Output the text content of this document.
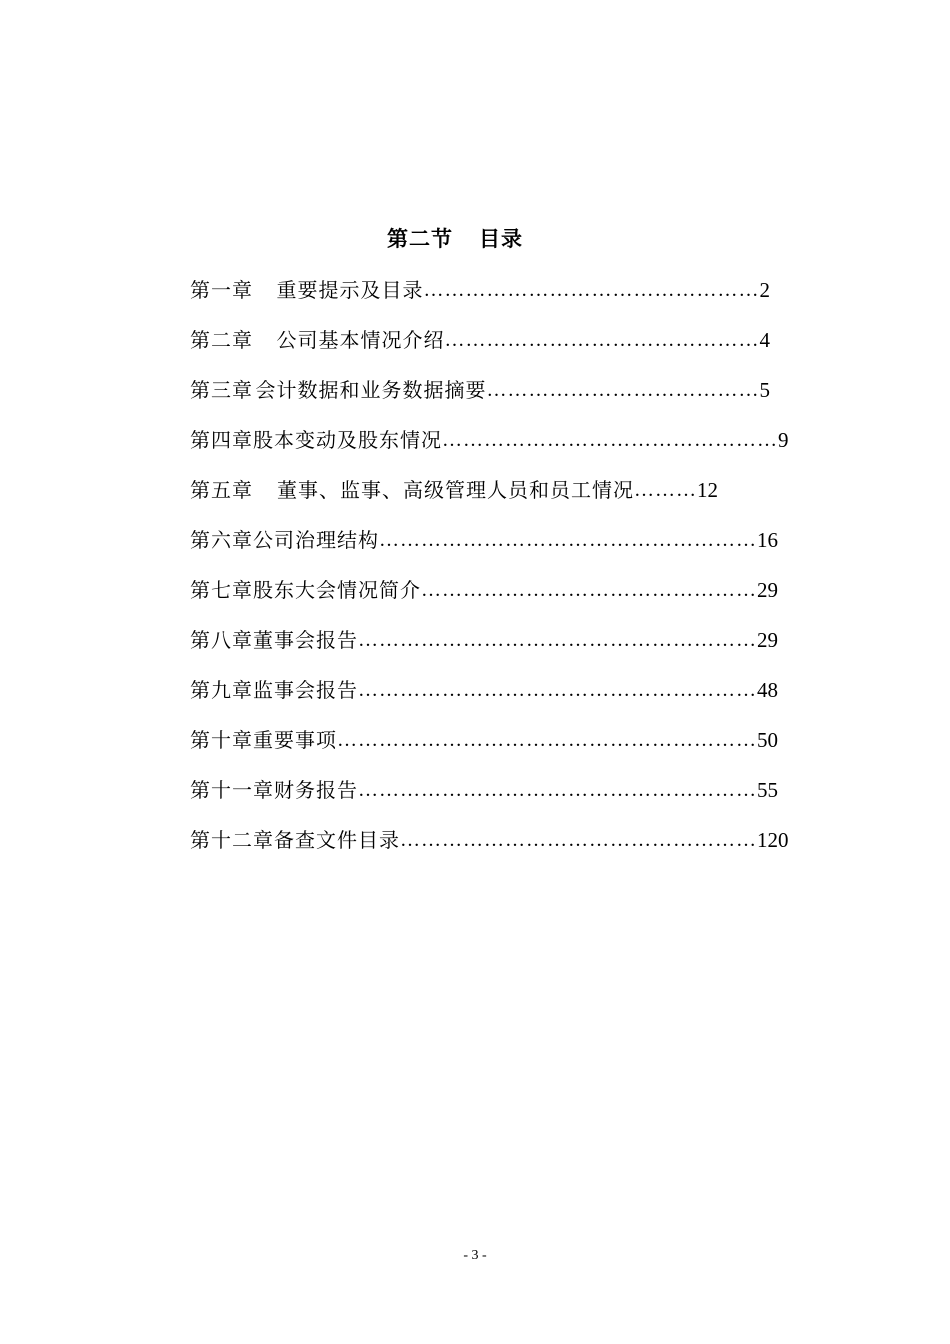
第二节 目录
第一章 重要提示及目录 ………………………………………… 2
第二章 公司基本情况介绍 ……………………………………… 4
第三章 会计数据和业务数据摘要 ………………………………… 5
第四章 股本变动及股东情况 ………………………………………… 9
第五章 董事、监事、高级管理人员和员工情况 ……… 12
第六章 公司治理结构 ……………………………………………… 16
第七章 股东大会情况简介 ………………………………………… 29
第八章 董事会报告 ………………………………………………… 29
第九章 监事会报告 ………………………………………………… 48
第十章 重要事项 …………………………………………………… 50
第十一章 财务报告 ………………………………………………… 55
第十二章 备查文件目录 …………………………………………… 120
- 3 -
